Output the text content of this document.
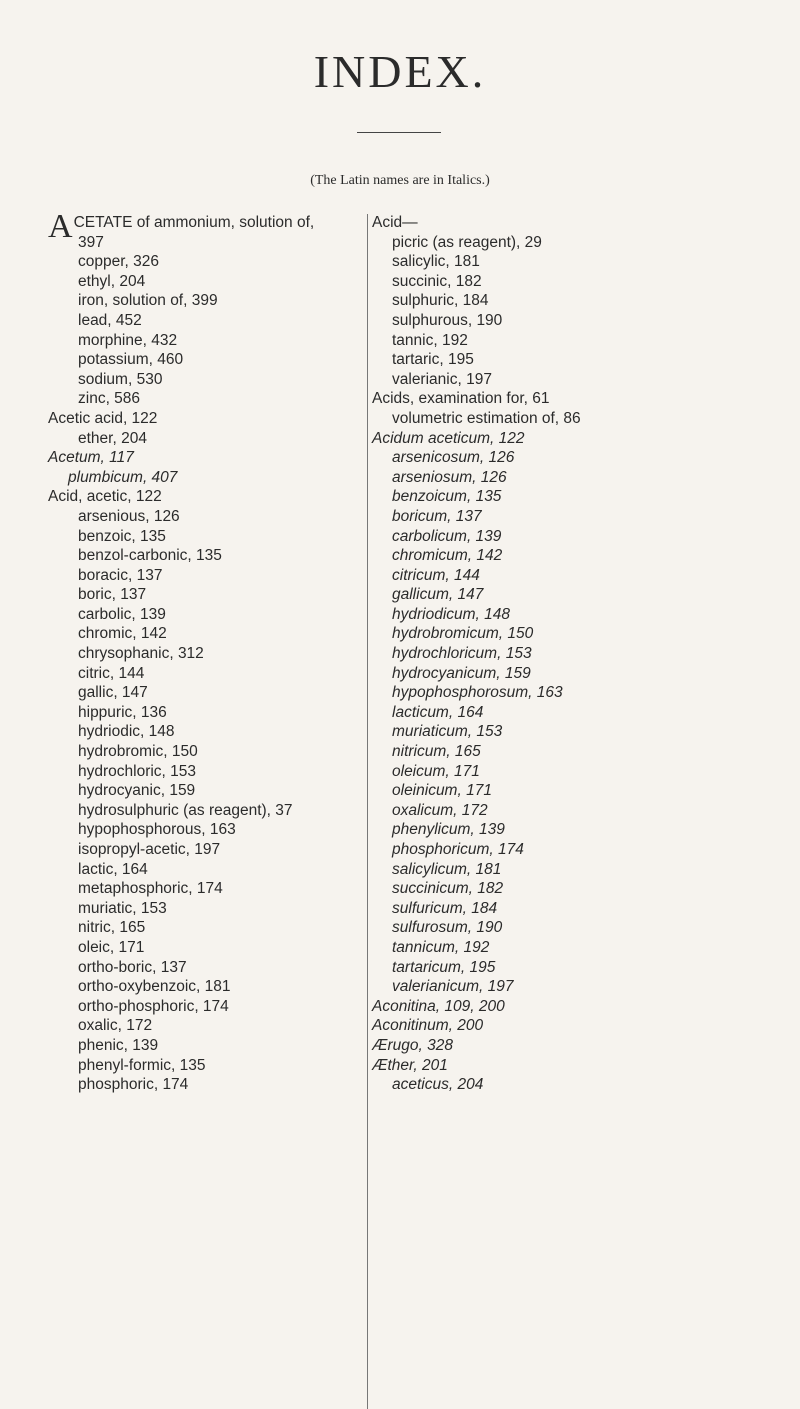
INDEX.
(The Latin names are in Italics.)
ACETATE of ammonium, solution of,
397
copper, 326
ethyl, 204
iron, solution of, 399
lead, 452
morphine, 432
potassium, 460
sodium, 530
zinc, 586
Acetic acid, 122
ether, 204
Acetum, 117
plumbicum, 407
Acid, acetic, 122
arsenious, 126
benzoic, 135
benzol-carbonic, 135
boracic, 137
boric, 137
carbolic, 139
chromic, 142
chrysophanic, 312
citric, 144
gallic, 147
hippuric, 136
hydriodic, 148
hydrobromic, 150
hydrochloric, 153
hydrocyanic, 159
hydrosulphuric (as reagent), 37
hypophosphorous, 163
isopropyl-acetic, 197
lactic, 164
metaphosphoric, 174
muriatic, 153
nitric, 165
oleic, 171
ortho-boric, 137
ortho-oxybenzoic, 181
ortho-phosphoric, 174
oxalic, 172
phenic, 139
phenyl-formic, 135
phosphoric, 174
Acid—
picric (as reagent), 29
salicylic, 181
succinic, 182
sulphuric, 184
sulphurous, 190
tannic, 192
tartaric, 195
valerianic, 197
Acids, examination for, 61
volumetric estimation of, 86
Acidum aceticum, 122
arsenicosum, 126
arseniosum, 126
benzoicum, 135
boricum, 137
carbolicum, 139
chromicum, 142
citricum, 144
gallicum, 147
hydriodicum, 148
hydrobromicum, 150
hydrochloricum, 153
hydrocyanicum, 159
hypophosphorosum, 163
lacticum, 164
muriaticum, 153
nitricum, 165
oleicum, 171
oleinicum, 171
oxalicum, 172
phenylicum, 139
phosphoricum, 174
salicylicum, 181
succinicum, 182
sulfuricum, 184
sulfurosum, 190
tannicum, 192
tartaricum, 195
valerianicum, 197
Aconitina, 109, 200
Aconitinum, 200
Ærugo, 328
Æther, 201
aceticus, 204
